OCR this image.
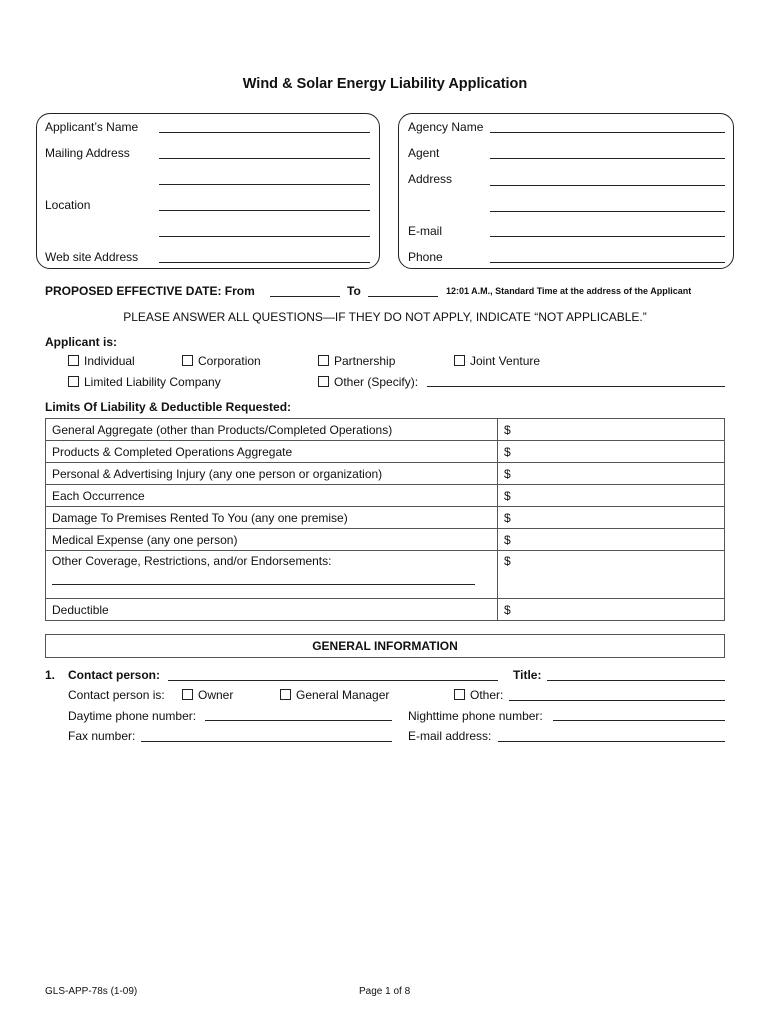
Wind & Solar Energy Liability Application
Applicant’s Name
Mailing Address
Location
Web site Address
Agency Name
Agent
Address
E-mail
Phone
PROPOSED EFFECTIVE DATE: From	To	12:01 A.M., Standard Time at the address of the Applicant
PLEASE ANSWER ALL QUESTIONS—IF THEY DO NOT APPLY, INDICATE “NOT APPLICABLE.”
Applicant is:
Individual	Corporation	Partnership	Joint Venture
Limited Liability Company	Other (Specify):
Limits Of Liability & Deductible Requested:
General Aggregate (other than Products/Completed Operations)	$
Products & Completed Operations Aggregate	$
Personal & Advertising Injury (any one person or organization)	$
Each Occurrence	$
Damage To Premises Rented To You (any one premise)	$
Medical Expense (any one person)	$
Other Coverage, Restrictions, and/or Endorsements:	$
Deductible	$
GENERAL INFORMATION
1. Contact person:	Title:
Contact person is:	Owner	General Manager	Other:
Daytime phone number:	Nighttime phone number:
Fax number:	E-mail address:
GLS-APP-78s (1-09)	Page 1 of 8
